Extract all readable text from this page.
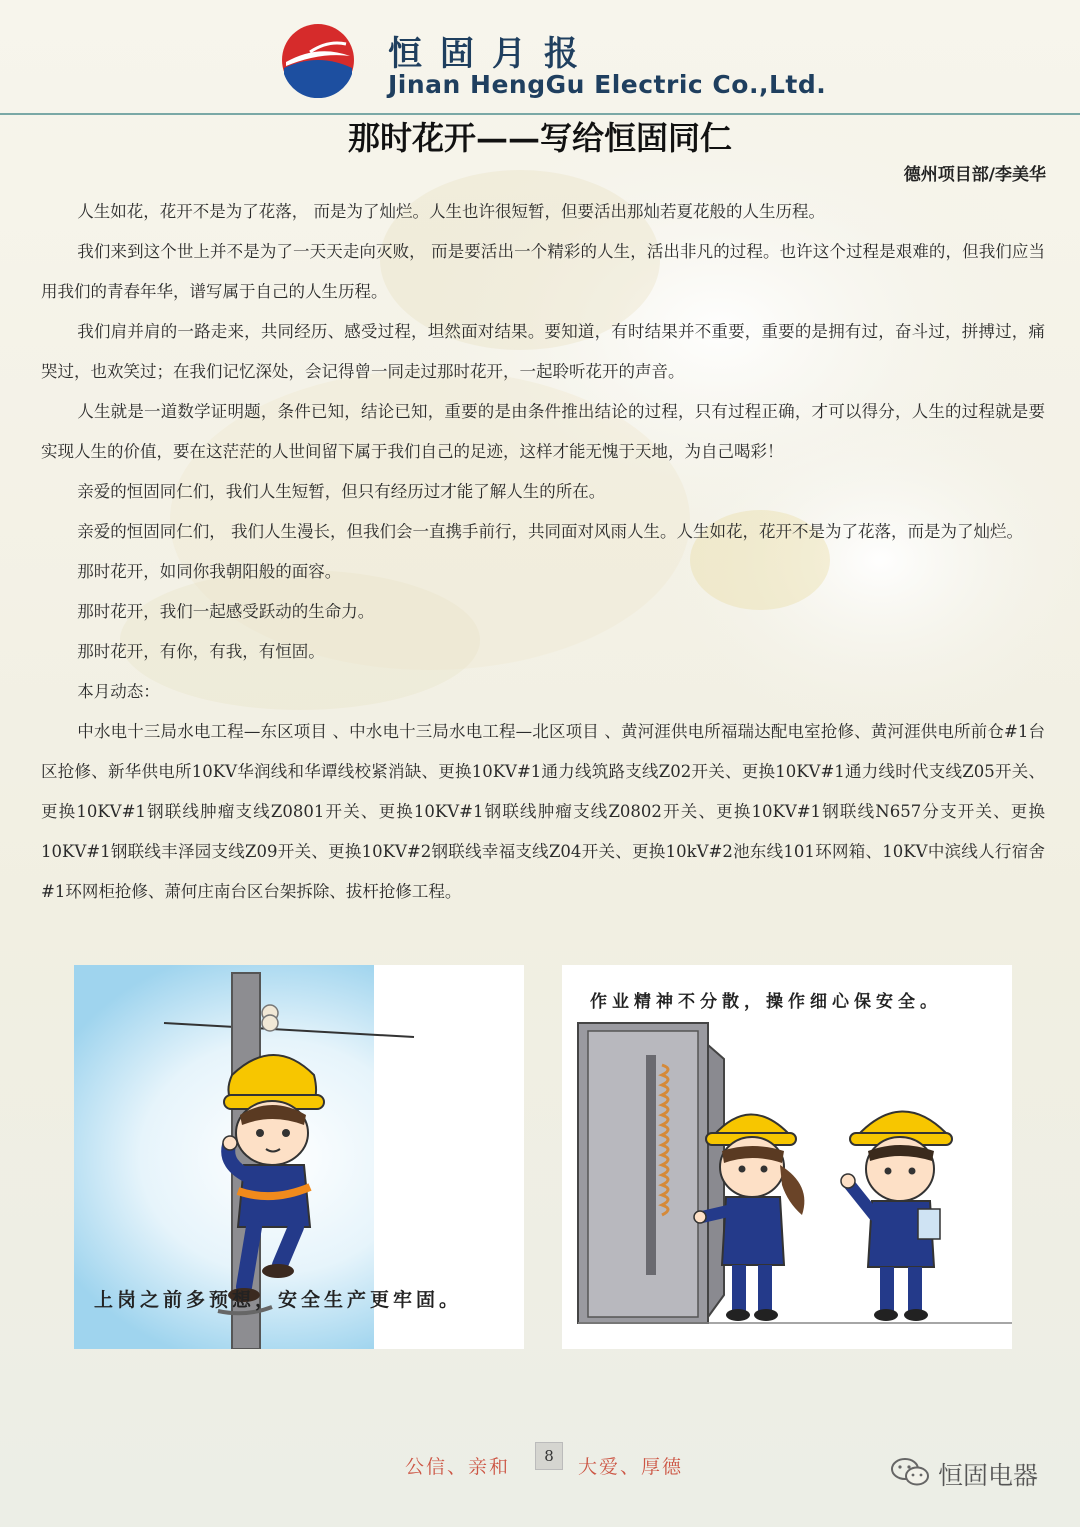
恒固月报
Jinan HengGu Electric Co.,Ltd.
那时花开——写给恒固同仁
德州项目部/李美华

人生如花，花开不是为了花落， 而是为了灿烂。人生也许很短暂，但要活出那灿若夏花般的人生历程。

我们来到这个世上并不是为了一天天走向灭败， 而是要活出一个精彩的人生，活出非凡的过程。也许这个过程是艰难的，但我们应当用我们的青春年华，谱写属于自己的人生历程。

我们肩并肩的一路走来，共同经历、感受过程，坦然面对结果。要知道，有时结果并不重要，重要的是拥有过，奋斗过，拼搏过，痛哭过，也欢笑过；在我们记忆深处，会记得曾一同走过那时花开，一起聆听花开的声音。

人生就是一道数学证明题，条件已知，结论已知，重要的是由条件推出结论的过程，只有过程正确，才可以得分，人生的过程就是要实现人生的价值，要在这茫茫的人世间留下属于我们自己的足迹，这样才能无愧于天地，为自己喝彩！

亲爱的恒固同仁们，我们人生短暂，但只有经历过才能了解人生的所在。

亲爱的恒固同仁们， 我们人生漫长，但我们会一直携手前行，共同面对风雨人生。人生如花，花开不是为了花落，而是为了灿烂。

那时花开，如同你我朝阳般的面容。

那时花开，我们一起感受跃动的生命力。

那时花开，有你，有我，有恒固。

本月动态：

中水电十三局水电工程—东区项目 、中水电十三局水电工程—北区项目 、黄河涯供电所福瑞达配电室抢修、黄河涯供电所前仓#1台区抢修、新华供电所10KV华润线和华谭线校紧消缺、更换10KV#1通力线筑路支线Z02开关、更换10KV#1通力线时代支线Z05开关、更换10KV#1钢联线肿瘤支线Z0801开关、更换10KV#1钢联线肿瘤支线Z0802开关、更换10KV#1钢联线N657分支开关、更换10KV#1钢联线丰泽园支线Z09开关、更换10KV#2钢联线幸福支线Z04开关、更换10kV#2池东线101环网箱、10KV中滨线人行宿舍#1环网柜抢修、萧何庄南台区台架拆除、拔杆抢修工程。

上岗之前多预想，安全生产更牢固。
作业精神不分散，操作细心保安全。
公信、亲和	8	大爱、厚德	恒固电器
